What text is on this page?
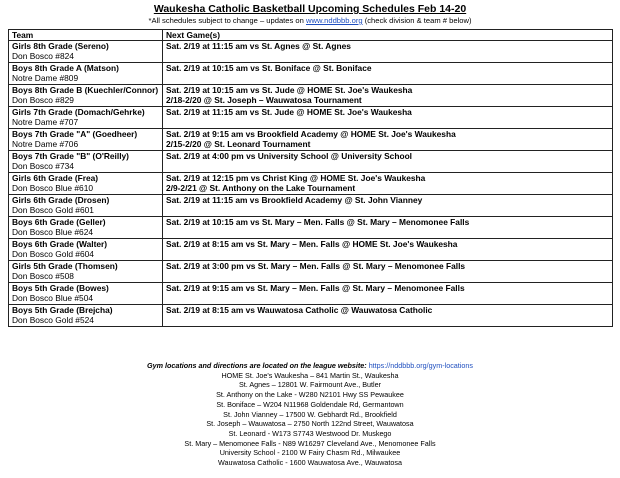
Waukesha Catholic Basketball Upcoming Schedules Feb 14-20
*All schedules subject to change – updates on www.nddbbb.org (check division & team # below)
Team	Next Game(s)

Girls 8th Grade (Sereno)
Don Bosco #824	Sat. 2/19 at 11:15 am vs St. Agnes @ St. Agnes

Boys 8th Grade A (Matson)
Notre Dame #809	Sat. 2/19 at 10:15 am vs St. Boniface @ St. Boniface

Boys 8th Grade B (Kuechler/Connor)
Don Bosco #829	Sat. 2/19 at 10:15 am vs St. Jude @ HOME St. Joe's Waukesha
2/18-2/20 @ St. Joseph – Wauwatosa Tournament

Girls 7th Grade (Domach/Gehrke)
Notre Dame #707	Sat. 2/19 at 11:15 am vs St. Jude @ HOME St. Joe's Waukesha

Boys 7th Grade "A" (Goedheer)
Notre Dame #706	Sat. 2/19 at 9:15 am vs Brookfield Academy @ HOME St. Joe's Waukesha
2/15-2/20 @ St. Leonard Tournament

Boys 7th Grade "B" (O'Reilly)
Don Bosco #734	Sat. 2/19 at 4:00 pm vs University School @ University School

Girls 6th Grade (Frea)
Don Bosco Blue #610	Sat. 2/19 at 12:15 pm vs Christ King @ HOME St. Joe's Waukesha
2/9-2/21 @ St. Anthony on the Lake Tournament

Girls 6th Grade (Drosen)
Don Bosco Gold #601	Sat. 2/19 at 11:15 am vs Brookfield Academy @ St. John Vianney

Boys 6th Grade (Geller)
Don Bosco Blue #624	Sat. 2/19 at 10:15 am vs St. Mary – Men. Falls @ St. Mary – Menomonee Falls

Boys 6th Grade (Walter)
Don Bosco Gold #604	Sat. 2/19 at 8:15 am vs St. Mary – Men. Falls @ HOME St. Joe's Waukesha

Girls 5th Grade (Thomsen)
Don Bosco #508	Sat. 2/19 at 3:00 pm vs St. Mary – Men. Falls @ St. Mary – Menomonee Falls

Boys 5th Grade (Bowes)
Don Bosco Blue #504	Sat. 2/19 at 9:15 am vs St. Mary – Men. Falls @ St. Mary – Menomonee Falls

Boys 5th Grade (Brejcha)
Don Bosco Gold #524	Sat. 2/19 at 8:15 am vs Wauwatosa Catholic @ Wauwatosa Catholic
Gym locations and directions are located on the league website: https://nddbbb.org/gym-locations
HOME St. Joe's Waukesha – 841 Martin St., Waukesha
St. Agnes – 12801 W. Fairmount Ave., Butler
St. Anthony on the Lake - W280 N2101 Hwy SS Pewaukee
St. Boniface – W204 N11968 Goldendale Rd, Germantown
St. John Vianney – 17500 W. Gebhardt Rd., Brookfield
St. Joseph – Wauwatosa – 2750 North 122nd Street, Wauwatosa
St. Leonard - W173 S7743 Westwood Dr. Muskego
St. Mary – Menomonee Falls - N89 W16297 Cleveland Ave., Menomonee Falls
University School - 2100 W Fairy Chasm Rd., Milwaukee
Wauwatosa Catholic - 1600 Wauwatosa Ave., Wauwatosa
